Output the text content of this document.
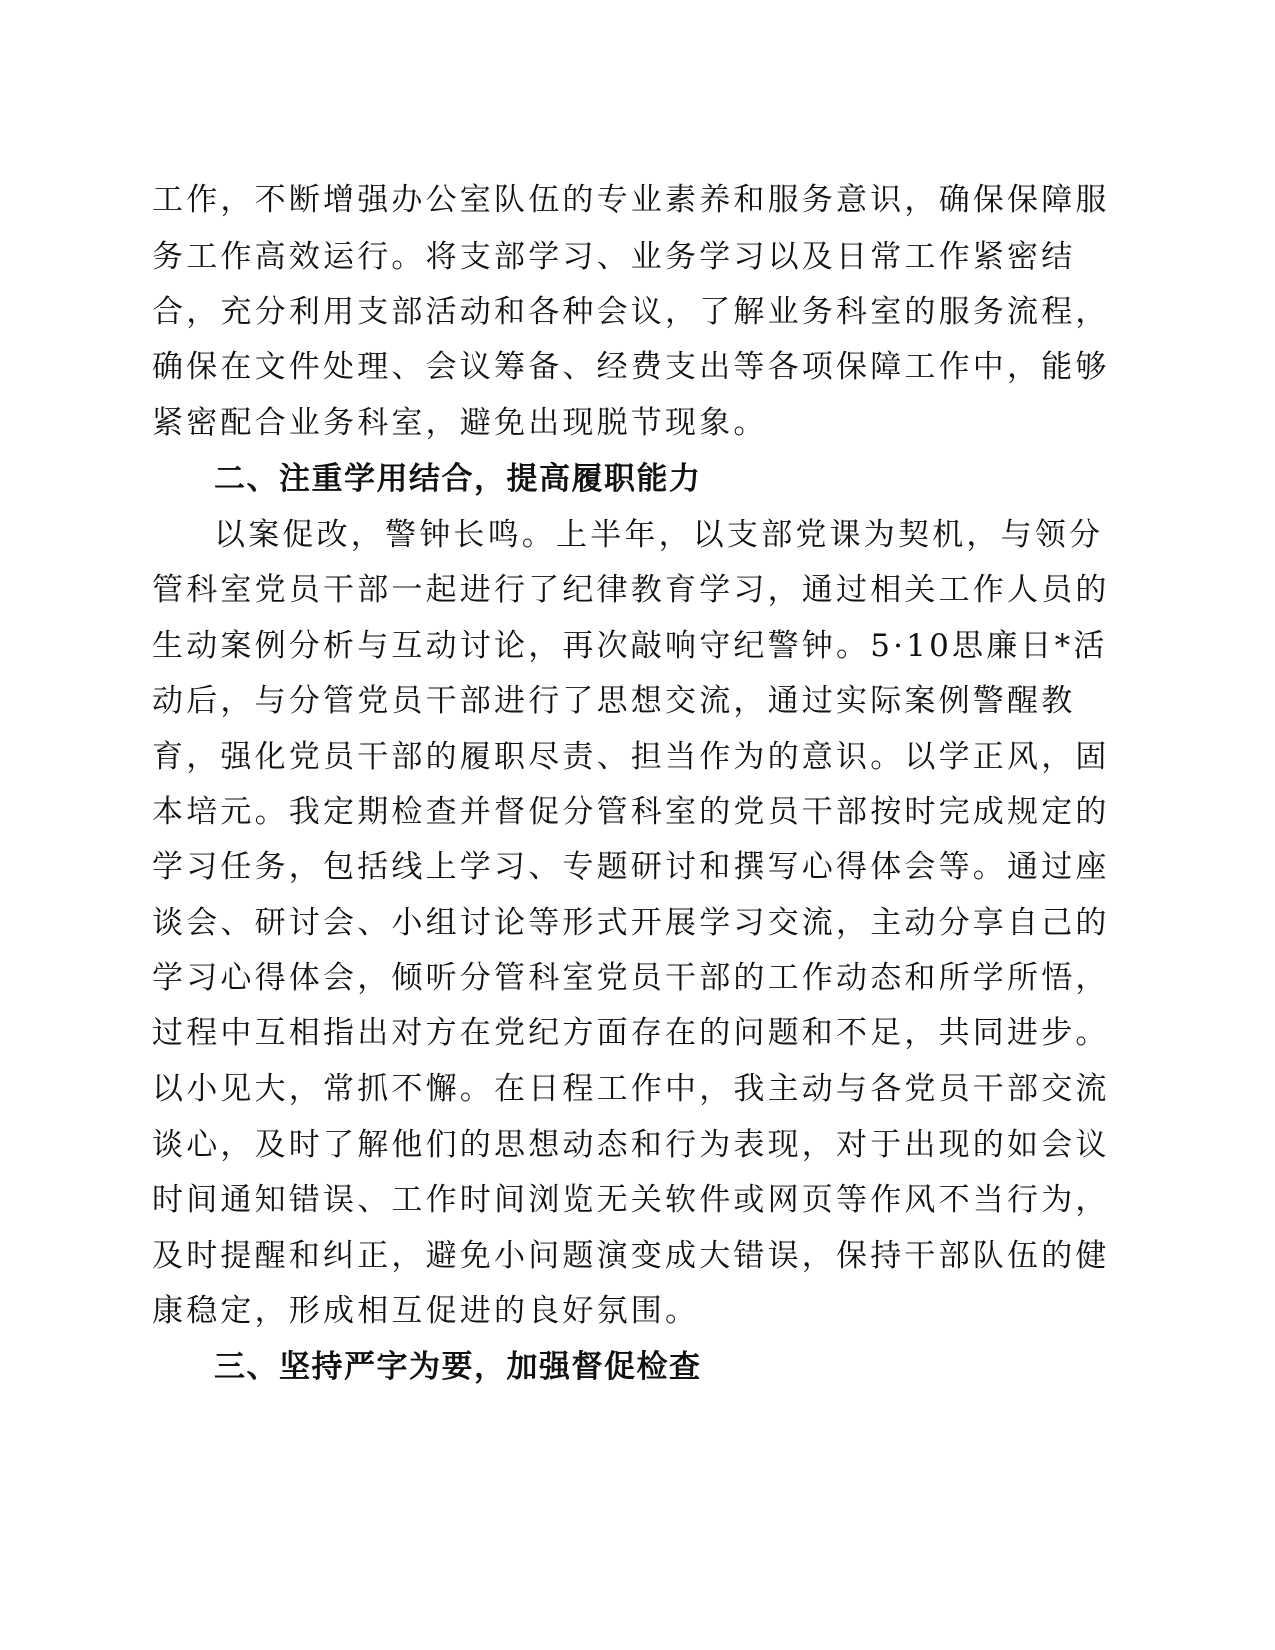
工作，不断增强办公室队伍的专业素养和服务意识，确保保障服
务工作高效运行。将支部学习、业务学习以及日常工作紧密结
合，充分利用支部活动和各种会议，了解业务科室的服务流程，
确保在文件处理、会议筹备、经费支出等各项保障工作中，能够
紧密配合业务科室，避免出现脱节现象。
二、注重学用结合，提高履职能力
以案促改，警钟长鸣。上半年，以支部党课为契机，与领分
管科室党员干部一起进行了纪律教育学习，通过相关工作人员的
生动案例分析与互动讨论，再次敲响守纪警钟。5·10思廉日*活
动后，与分管党员干部进行了思想交流，通过实际案例警醒教
育，强化党员干部的履职尽责、担当作为的意识。以学正风，固
本培元。我定期检查并督促分管科室的党员干部按时完成规定的
学习任务，包括线上学习、专题研讨和撰写心得体会等。通过座
谈会、研讨会、小组讨论等形式开展学习交流，主动分享自己的
学习心得体会，倾听分管科室党员干部的工作动态和所学所悟，
过程中互相指出对方在党纪方面存在的问题和不足，共同进步。
以小见大，常抓不懈。在日程工作中，我主动与各党员干部交流
谈心，及时了解他们的思想动态和行为表现，对于出现的如会议
时间通知错误、工作时间浏览无关软件或网页等作风不当行为，
及时提醒和纠正，避免小问题演变成大错误，保持干部队伍的健
康稳定，形成相互促进的良好氛围。
三、坚持严字为要，加强督促检查
